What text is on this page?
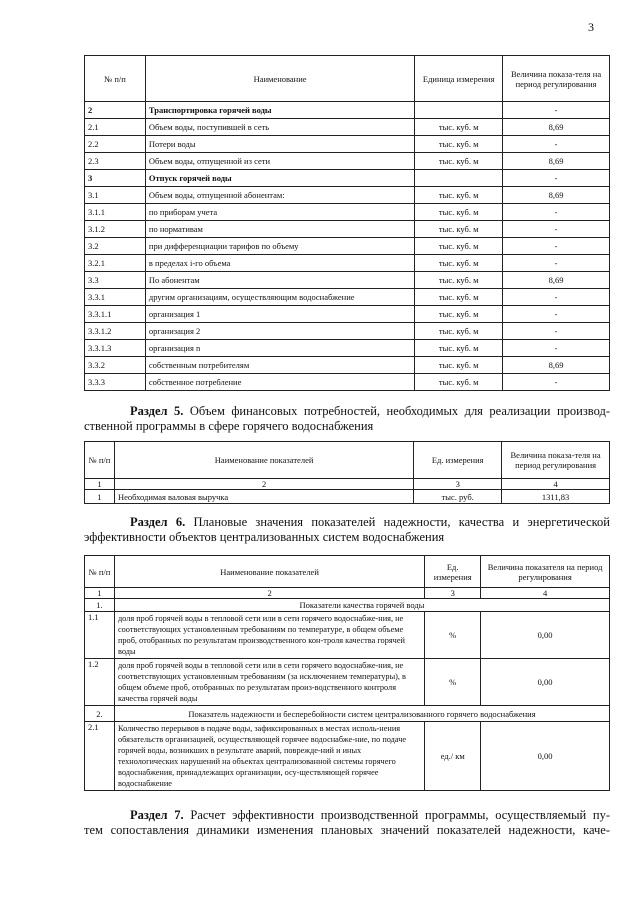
3
№ п/п	Наименование	Единица измерения	Величина показа-теля на период регулирования
2	Транспортировка горячей воды		-
2.1	Объем воды, поступившей в сеть	тыс. куб. м	8,69
2.2	Потери воды	тыс. куб. м	-
2.3	Объем воды, отпущенной из сети	тыс. куб. м	8,69
3	Отпуск горячей воды		-
3.1	Объем воды, отпущенной абонентам:	тыс. куб. м	8,69
3.1.1	по приборам учета	тыс. куб. м	-
3.1.2	по нормативам	тыс. куб. м	-
3.2	при дифференциации тарифов по объему	тыс. куб. м	-
3.2.1	в пределах i-го объема	тыс. куб. м	-
3.3	По абонентам	тыс. куб. м	8,69
3.3.1	другим организациям, осуществляющим водоснабжение	тыс. куб. м	-
3.3.1.1	организация 1	тыс. куб. м	-
3.3.1.2	организация 2	тыс. куб. м	-
3.3.1.3	организация n	тыс. куб. м	-
3.3.2	собственным потребителям	тыс. куб. м	8,69
3.3.3	собственное потребление	тыс. куб. м	-
Раздел 5. Объем финансовых потребностей, необходимых для реализации производ-
ственной программы в сфере горячего водоснабжения
№ п/п	Наименование показателей	Ед. измерения	Величина показа-теля на период регулирования
1	2	3	4
1	Необходимая валовая выручка	тыс. руб.	1311,83
Раздел 6. Плановые значения показателей надежности, качества и энергетической
эффективности объектов централизованных систем водоснабжения
№ п/п	Наименование показателей	Ед. измерения	Величина показателя на период регулирования
1	2	3	4
1.	Показатели качества горячей воды		
1.1	доля проб горячей воды в тепловой сети или в сети горячего водоснабже-ния, не соответствующих установленным требованиям по температуре, в общем объеме проб, отобранных по результатам производственного кон-троля качества горячей воды	%	0,00
1.2	доля проб горячей воды в тепловой сети или в сети горячего водоснабже-ния, не соответствующих установленным требованиям (за исключением температуры), в общем объеме проб, отобранных по результатам произ-водственного контроля качества горячей воды	%	0,00
2.	Показатель надежности и бесперебойности систем централизованного горячего водоснабжения		
2.1	Количество перерывов в подаче воды, зафиксированных в местах исполь-нения обязательств организацией, осуществляющей горячее водоснабже-ние, по подаче горячей воды, возникших в результате аварий, поврежде-ний и иных технологических нарушений на объектах централизованной системы горячего водоснабжения, принадлежащих организации, осу-ществляющей горячее водоснабжение	ед./ км	0,00
Раздел 7. Расчет эффективности производственной программы, осуществляемый пу-
тем сопоставления динамики изменения плановых значений показателей надежности, каче-
